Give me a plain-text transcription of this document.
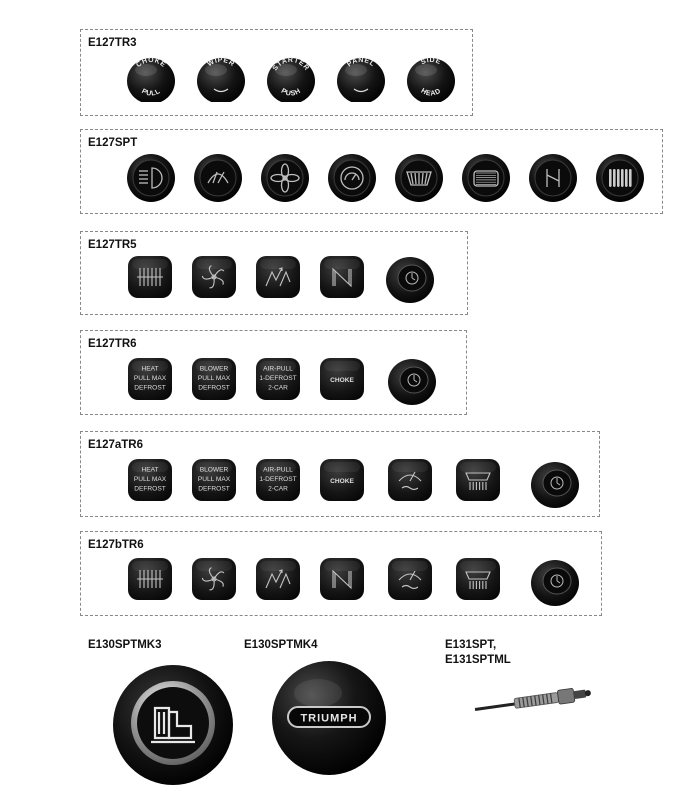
E127TR3
E127SPT
E127TR5
E127TR6
E127aTR6
E127bTR6
E130SPTMK3	E130SPTMK4
TRIUMPH
E131SPT,
E131SPTML
CHOKE
PULL
WIPER	STARTER
PUSH
PANEL	SIDE
HEAD
HEAT
PULL MAX
DEFROST
BLOWER
PULL MAX
DEFROST
AIR-PULL
1-DEFROST
2-CAR
CHOKE
HEAT
PULL MAX
DEFROST
BLOWER
PULL MAX
DEFROST
AIR-PULL
1-DEFROST
2-CAR
CHOKE
